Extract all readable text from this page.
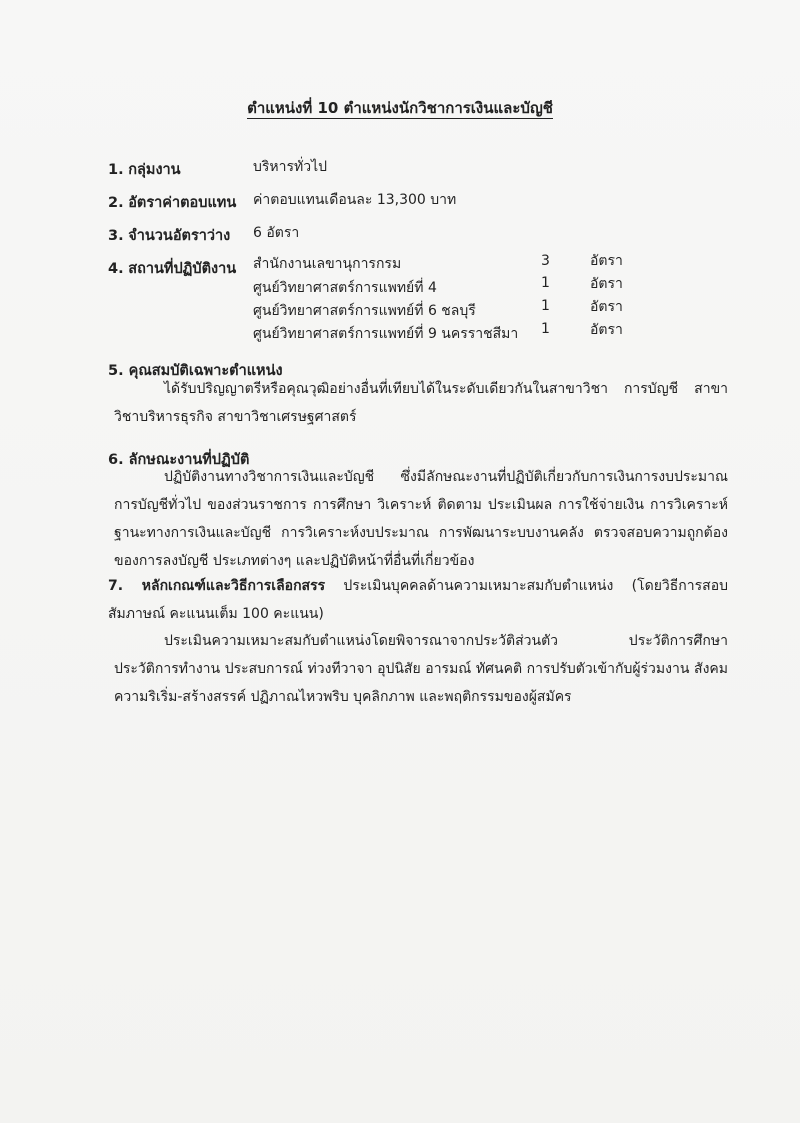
ตำแหน่งที่ 10 ตำแหน่งนักวิชาการเงินและบัญชี
1. กลุ่มงาน	บริหารทั่วไป
2. อัตราค่าตอบแทน ค่าตอบแทนเดือนละ 13,300 บาท
3. จำนวนอัตราว่าง 6 อัตรา
4. สถานที่ปฏิบัติงาน สำนักงานเลขานุการกรม	3	อัตรา
ศูนย์วิทยาศาสตร์การแพทย์ที่ 4	1	อัตรา
ศูนย์วิทยาศาสตร์การแพทย์ที่ 6 ชลบุรี	1	อัตรา
ศูนย์วิทยาศาสตร์การแพทย์ที่ 9 นครราชสีมา 1	อัตรา
5. คุณสมบัติเฉพาะตำแหน่ง
ได้รับปริญญาตรีหรือคุณวุฒิอย่างอื่นที่เทียบได้ในระดับเดียวกันในสาขาวิชา การบัญชี สาขาวิชาบริหารธุรกิจ สาขาวิชาเศรษฐศาสตร์
6. ลักษณะงานที่ปฏิบัติ
ปฏิบัติงานทางวิชาการเงินและบัญชี ซึ่งมีลักษณะงานที่ปฏิบัติเกี่ยวกับการเงินการงบประมาณการบัญชีทั่วไป ของส่วนราชการ การศึกษา วิเคราะห์ ติดตาม ประเมินผล การใช้จ่ายเงิน การวิเคราะห์ฐานะทางการเงินและบัญชี การวิเคราะห์งบประมาณ การพัฒนาระบบงานคลัง ตรวจสอบความถูกต้องของการลงบัญชี ประเภทต่างๆ และปฏิบัติหน้าที่อื่นที่เกี่ยวข้อง
7. หลักเกณฑ์และวิธีการเลือกสรร ประเมินบุคคลด้านความเหมาะสมกับตำแหน่ง (โดยวิธีการสอบสัมภาษณ์ คะแนนเต็ม 100 คะแนน)
ประเมินความเหมาะสมกับตำแหน่งโดยพิจารณาจากประวัติส่วนตัว ประวัติการศึกษา ประวัติการทำงาน ประสบการณ์ ท่วงทีวาจา อุปนิสัย อารมณ์ ทัศนคติ การปรับตัวเข้ากับผู้ร่วมงาน สังคม ความริเริ่ม-สร้างสรรค์ ปฏิภาณไหวพริบ บุคลิกภาพ และพฤติกรรมของผู้สมัคร
